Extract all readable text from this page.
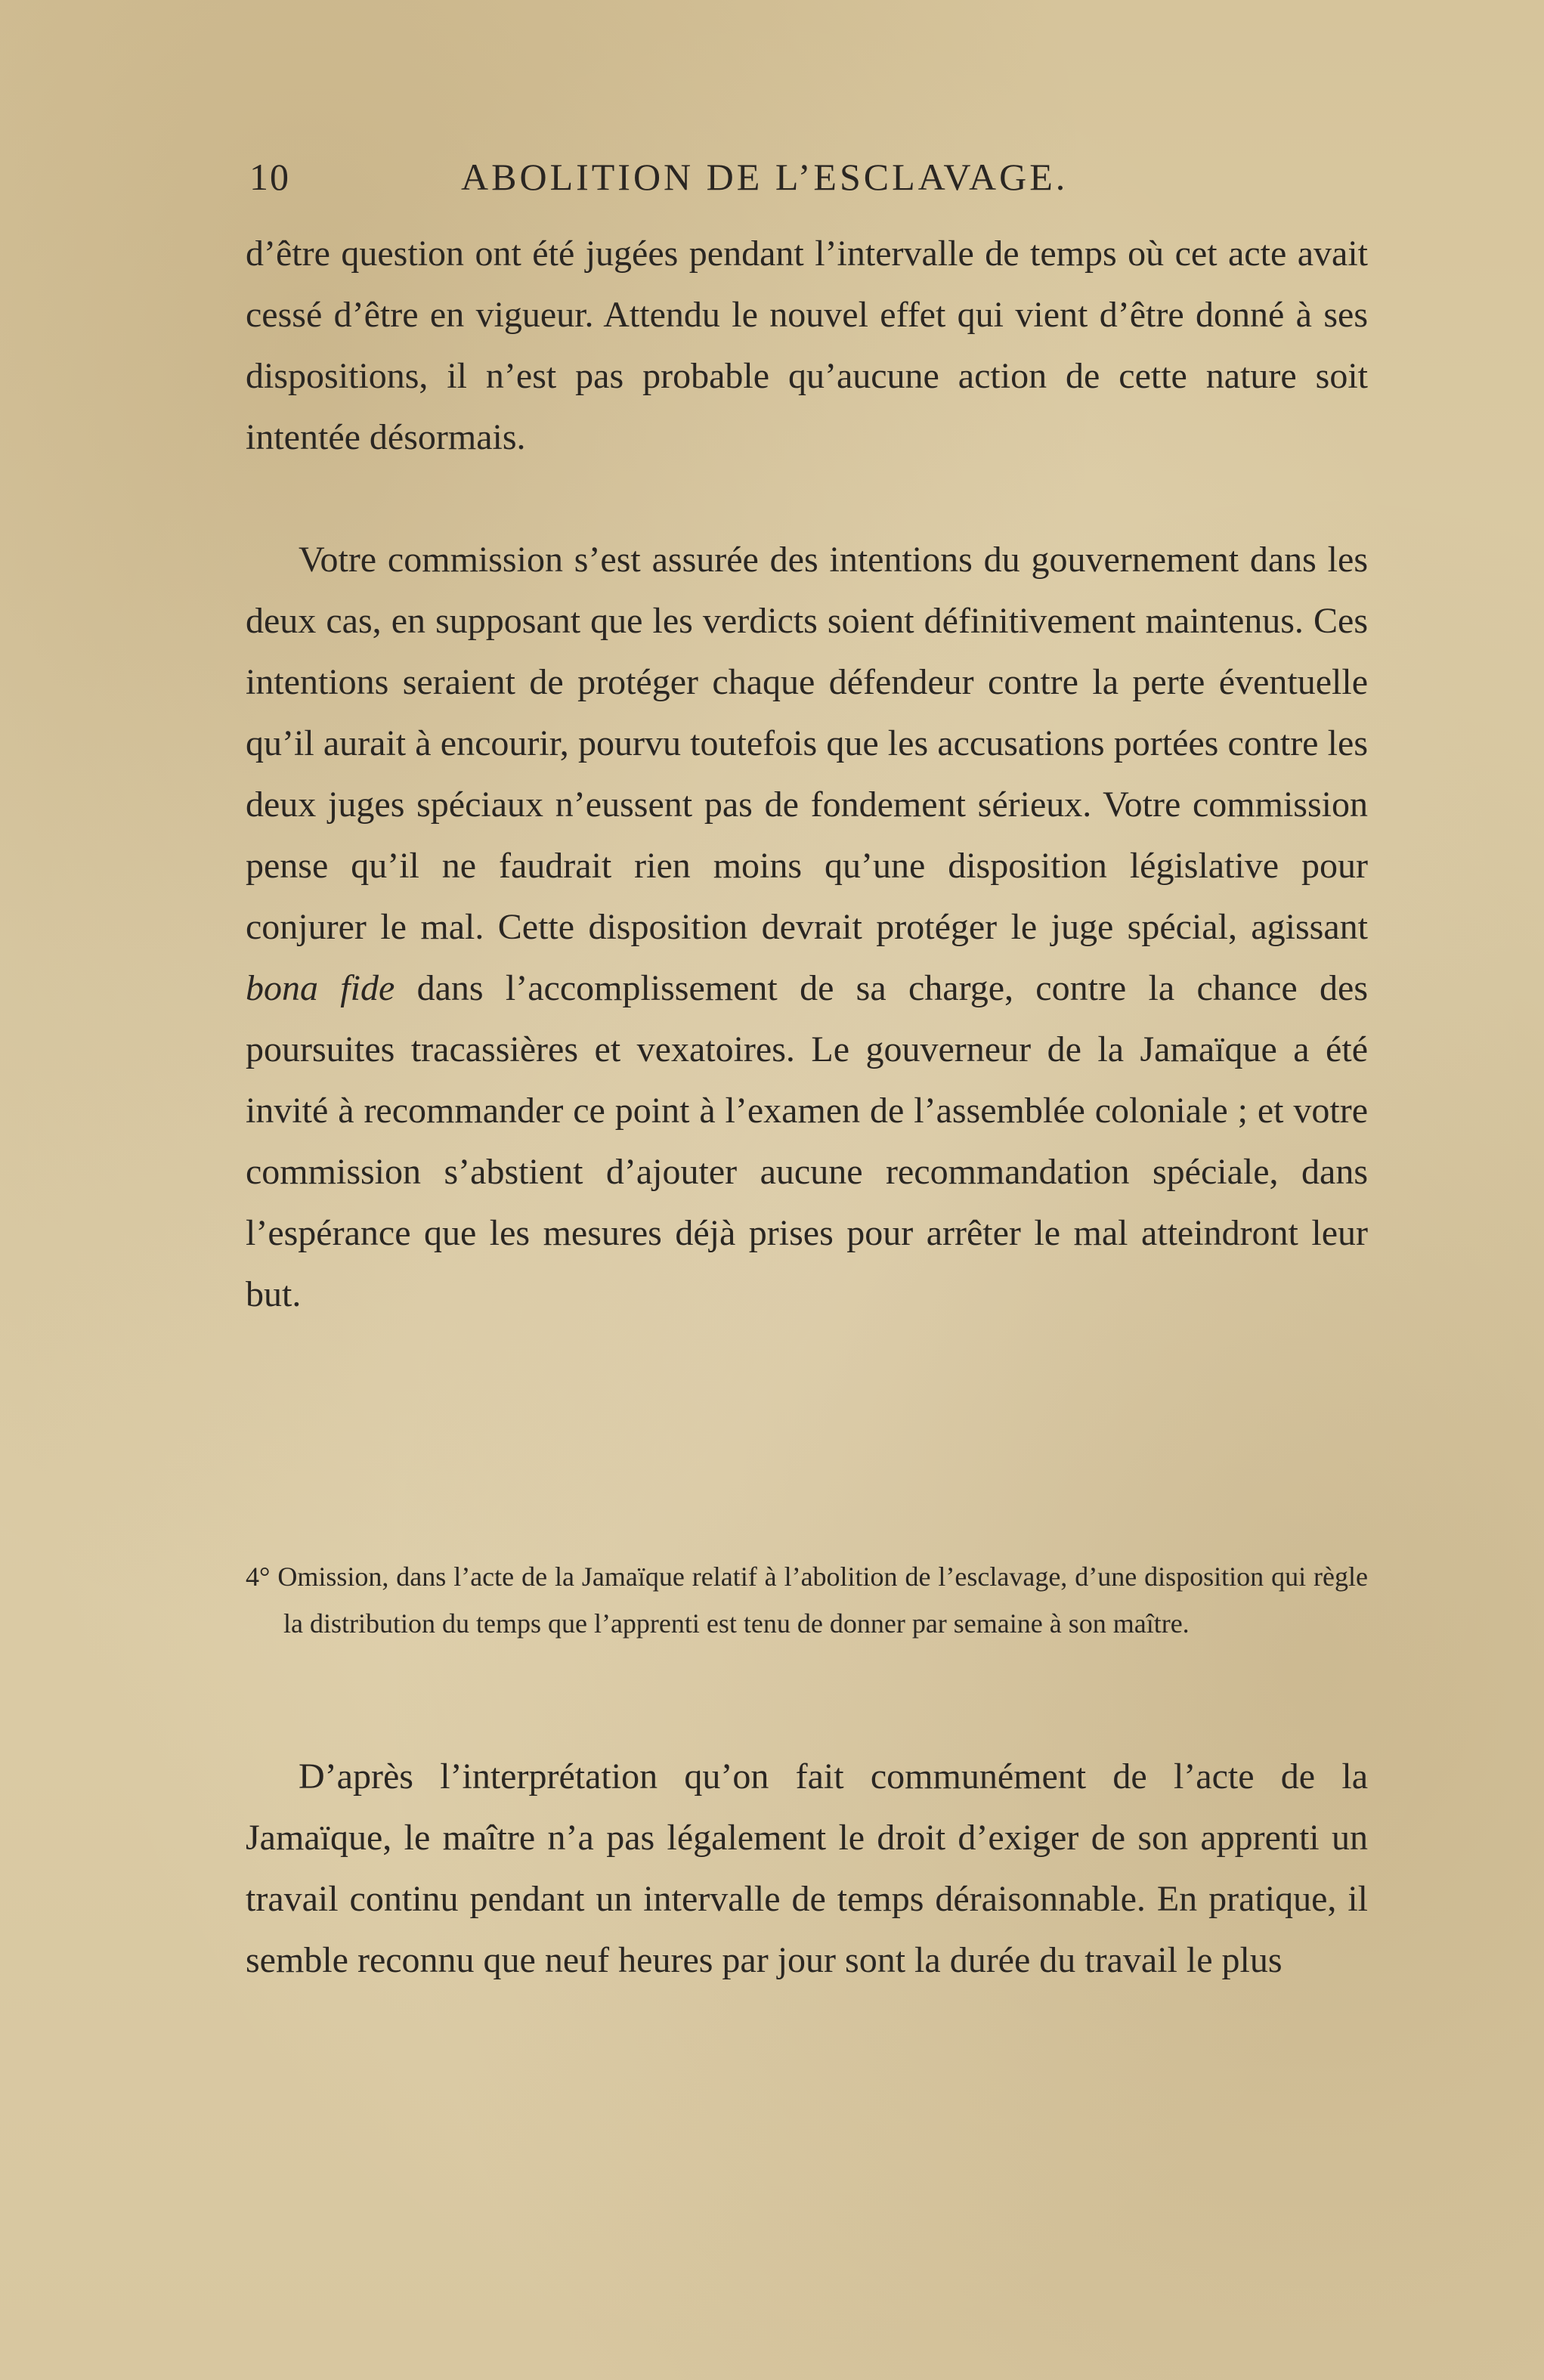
10	ABOLITION DE L’ESCLAVAGE.

d’être question ont été jugées pendant l’intervalle de temps où cet acte avait cessé d’être en vigueur. Attendu le nouvel effet qui vient d’être donné à ses dispositions, il n’est pas probable qu’aucune action de cette nature soit intentée désormais.

Votre commission s’est assurée des intentions du gouvernement dans les deux cas, en supposant que les verdicts soient définitivement maintenus. Ces intentions seraient de protéger chaque défendeur contre la perte éventuelle qu’il aurait à encourir, pourvu toutefois que les accusations portées contre les deux juges spéciaux n’eussent pas de fondement sérieux. Votre commission pense qu’il ne faudrait rien moins qu’une disposition législative pour conjurer le mal. Cette disposition devrait protéger le juge spécial, agissant bona fide dans l’accomplissement de sa charge, contre la chance des poursuites tracassières et vexatoires. Le gouverneur de la Jamaïque a été invité à recommander ce point à l’examen de l’assemblée coloniale ; et votre commission s’abstient d’ajouter aucune recommandation spéciale, dans l’espérance que les mesures déjà prises pour arrêter le mal atteindront leur but.

4° Omission, dans l’acte de la Jamaïque relatif à l’abolition de l’esclavage, d’une disposition qui règle la distribution du temps que l’apprenti est tenu de donner par semaine à son maître.

D’après l’interprétation qu’on fait communément de l’acte de la Jamaïque, le maître n’a pas légalement le droit d’exiger de son apprenti un travail continu pendant un intervalle de temps déraisonnable. En pratique, il semble reconnu que neuf heures par jour sont la durée du travail le plus
